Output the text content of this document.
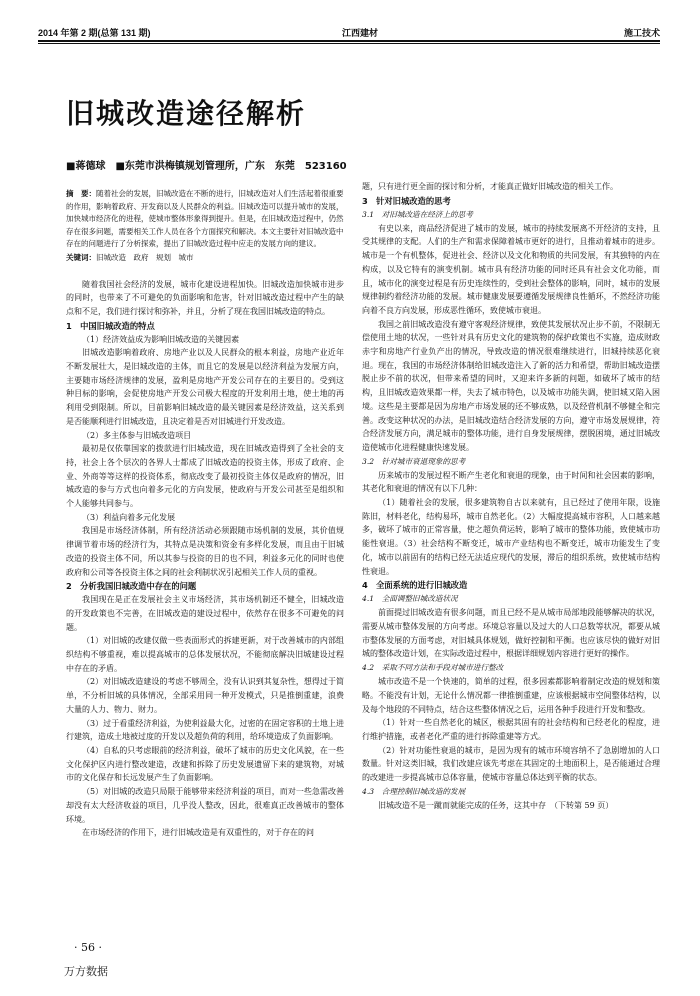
2014 年第 2 期(总第 131 期)	江西建材	施工技术
旧城改造途径解析
■蒋德球　■东莞市洪梅镇规划管理所，广东　东莞　523160
摘　要：随着社会的发展，旧城改造在不断的进行，旧城改造对人们生活起着很重要的作用，影响着政府、开发商以及人民群众的利益。旧城改造可以提升城市的发展，加快城市经济化的进程，使城市整体形象得到提升。但是，在旧城改造过程中，仍然存在很多问题，需要相关工作人员在各个方面探究和解决。本文主要针对旧城改造中存在的问题进行了分析探索，提出了旧城改造过程中应走的发展方向的建议。
关键词：旧城改造　政府　规划　城市

随着我国社会经济的发展，城市化建设进程加快。旧城改造加快城市进步的同时，也带来了不可避免的负面影响和危害，针对旧城改造过程中产生的缺点和不足，我们进行探讨和弥补，并且，分析了现在我国旧城改造的特点。

1　中国旧城改造的特点

（1）经济效益成为影响旧城改造的关键因素

旧城改造影响着政府、房地产业以及人民群众的根本利益，房地产业近年不断发展壮大，是旧城改造的主体，而且它的发展是以经济利益为发展方向，主要随市场经济规律的发展，盈利是房地产开发公司存在的主要目的。受到这种目标的影响，会促使房地产开发公司极大程度的开发利用土地，使土地的再利用受到限制。所以，目前影响旧城改造的最关键因素是经济效益，这关系到是否能顺利进行旧城改造，且决定着是否对旧城进行开发改造。

（2）多主体参与旧城改造项目

最初是仅依靠国家的拨款进行旧城改造，现在旧城改造得到了全社会的支持，社会上各个层次的各界人士都成了旧城改造的投资主体，形成了政府、企业、外商等等这样的投资体系，彻底改变了最初投资主体仅是政府的情况，旧城改造的参与方式也向着多元化的方向发展，使政府与开发公司甚至是组织和个人能够共同参与。

（3）利益向着多元化发展

我国是市场经济体制，所有经济活动必须跟随市场机制的发展，其价值规律调节着市场的经济行为，其特点是决策和资金有多样化发展，而且由于旧城改造的投资主体不同，所以其参与投资的目的也不同，利益多元化的同时也使政府和公司等各投资主体之间的社会利制状况引起相关工作人员的重视。

2　分析我国旧城改造中存在的问题

我国现在是正在发展社会主义市场经济，其市场机制还不健全，旧城改造的开发政策也不完善，在旧城改造的建设过程中，依然存在很多不可避免的问题。

（1）对旧城的改建仅做一些表面形式的拆建更新，对于改善城市的内部组织结构不够重视，难以提高城市的总体发展状况，不能彻底解决旧城建设过程中存在的矛盾。

（2）对旧城改造建设的考虑不够周全，没有认识到其复杂性，想得过于简单，不分析旧城的具体情况，全部采用同一种开发模式，只是推倒重建，浪费大量的人力、物力、财力。

（3）过于看重经济利益，为使利益最大化，过密的在固定容积的土地上进行建筑，造成土地被过度的开发以及超负荷的利用，给环境造成了负面影响。

（4）自私的只考虑眼前的经济利益，破坏了城市的历史文化风貌，在一些文化保护区内进行整改建造，改建和拆除了历史发展遗留下来的建筑物，对城市的文化保存和长远发展产生了负面影响。

（5）对旧城的改造只局限于能够带来经济利益的项目，而对一些急需改善却没有太大经济收益的项目，几乎没人整改，因此，很难真正改善城市的整体环境。

在市场经济的作用下，进行旧城改造是有双重性的，对于存在的问

题，只有进行更全面的探讨和分析，才能真正做好旧城改造的相关工作。

3　针对旧城改造的思考
3.1　对旧城改造在经济上的思考

有史以来，商品经济促进了城市的发展，城市的持续发展离不开经济的支持，且受其规律的支配。人们的生产和需求保障着城市更好的进行，且推动着城市的进步。城市是一个有机整体，促进社会、经济以及文化和物质的共同发展，有其独特的内在构成，以及它特有的演变机制。城市具有经济功能的同时还具有社会文化功能，而且，城市化的演变过程是有历史连续性的，受到社会整体的影响，同时，城市的发展规律制约着经济功能的发展。城市健康发展要遵循发展规律良性循环，不然经济功能向着不良方向发展，形成恶性循环，致使城市衰退。

我国之前旧城改造没有遵守客观经济规律，致使其发展状况止步不前，不限制无偿使用土地的状况，一些针对具有历史文化的建筑物的保护政策也不实施，造成财政赤字和房地产行业负产出的情况，导致改造的情况很难继续进行，旧城持续恶化衰退。现在，我国的市场经济体制给旧城改造注入了新的活力和希望，帮助旧城改造摆脱止步不前的状况，但带来希望的同时，又迎来许多新的问题，如破坏了城市的结构，且旧城改造效果都一样，失去了城市特色，以及城市功能失调，使旧城又陷入困境。这些是主要都是因为房地产市场发展的还不够成熟，以及经营机制不够健全和完善。改变这种状况的办法，是旧城改造结合经济发展的方向，遵守市场发展规律，符合经济发展方向，满足城市的整体功能，进行自身发展规律，摆脱困境，通过旧城改造使城市化进程健康快速发展。

3.2　针对城市衰退现象的思考

历来城市的发展过程不断产生老化和衰退的现象，由于时间和社会因素的影响，其老化和衰退的情况有以下几种：

（1）随着社会的发展，很多建筑物自古以来就有，且已经过了使用年限，设施陈旧，材料老化，结构易坏，城市自然老化。（2）大幅度提高城市容积，人口越来越多，破坏了城市的正常容量，使之超负荷运转，影响了城市的整体功能，致使城市功能性衰退。（3）社会结构不断变迁，城市产业结构也不断变迁，城市功能发生了变化，城市以前固有的结构已经无法适应现代的发展，滞后的组织系统，致使城市结构性衰退。

4　全面系统的进行旧城改造
4.1　全面调整旧城改造状况

前面提过旧城改造有很多问题，而且已经不是从城市局部地段能够解决的状况，需要从城市整体发展的方向考虑。环境总容量以及过大的人口总数等状况，都要从城市整体发展的方面考虑，对旧城具体规划，做好控制和平衡。也应该尽快的做好对旧城的整体改造计划，在实际改造过程中，根据详细规划内容进行更好的操作。

4.2　采取不同方法和手段对城市进行整改

城市改造不是一个快速的，简单的过程，很多因素都影响着制定改造的规划和策略。不能没有计划，无论什么情况都一律推倒重建，应该根据城市空间整体结构，以及每个地段的不同特点，结合这些整体情况之后，运用各种手段进行开发和整改。

（1）针对一些自然老化的城区，根据其固有的社会结构和已经老化的程度，进行维护措施，或者老化严重的进行拆除重建等方式。

（2）针对功能性衰退的城市，是因为现有的城市环境容纳不了急剧增加的人口数量。针对这类旧城，我们改建应该先考虑在其固定的土地面积上，是否能通过合理的改建进一步提高城市总体容量，使城市容量总体达到平衡的状态。

4.3　合理控制旧城改造的发展

旧城改造不是一蹴而就能完成的任务，这其中存　（下转第 59 页）

· 56 ·
万方数据
